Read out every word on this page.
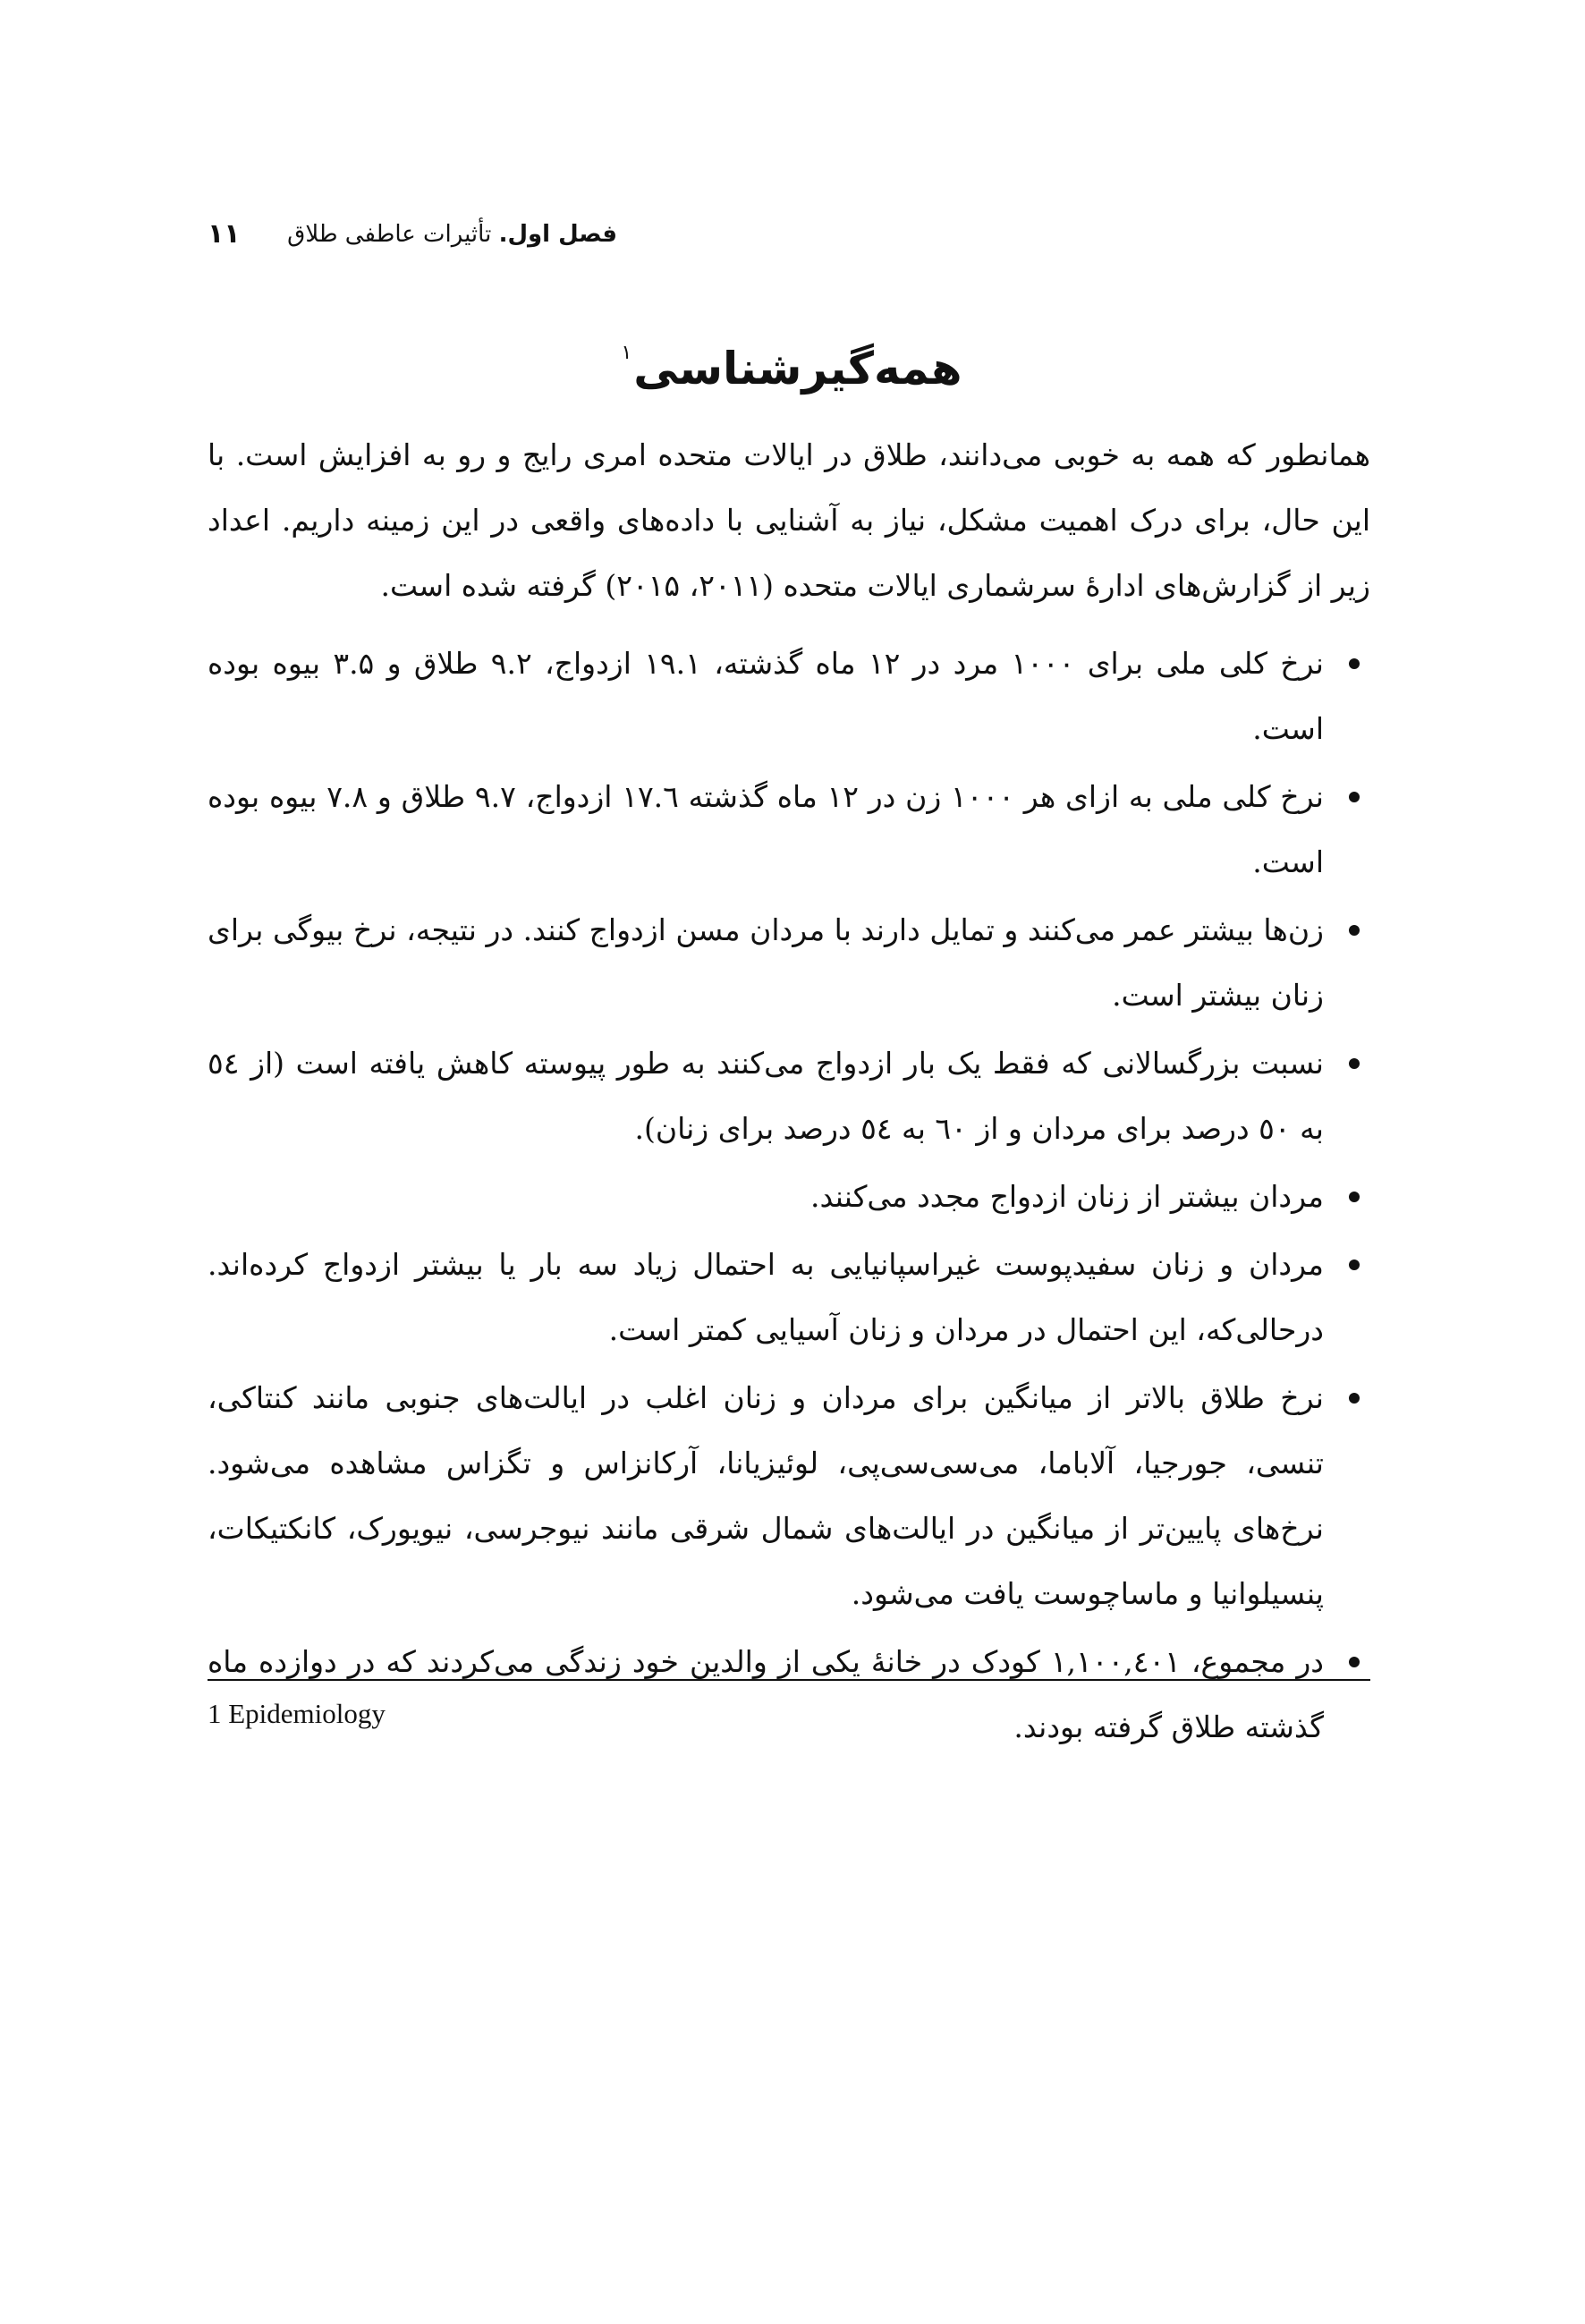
۱۱	فصل اول. تأثیرات عاطفی طلاق
همه‌گیرشناسی$^۱$

همانطور که همه به خوبی می‌دانند، طلاق در ایالات متحده امری رایج و رو به افزایش است. با این حال، برای درک اهمیت مشکل، نیاز به آشنایی با داده‌های واقعی در این زمینه داریم. اعداد زیر از گزارش‌های ادارهٔ سرشماری ایالات متحده (۲۰۱۱، ۲۰۱۵) گرفته شده است.

نرخ کلی ملی برای ۱۰۰۰ مرد در ۱۲ ماه گذشته، ۱۹.۱ ازدواج، ۹.۲ طلاق و ۳.۵ بیوه بوده است.
نرخ کلی ملی به ازای هر ۱۰۰۰ زن در ۱۲ ماه گذشته ۱۷.٦ ازدواج، ۹.۷ طلاق و ۷.۸ بیوه بوده است.
زن‌ها بیشتر عمر می‌کنند و تمایل دارند با مردان مسن ازدواج کنند. در نتیجه، نرخ بیوگی برای زنان بیشتر است.
نسبت بزرگسالانی که فقط یک بار ازدواج می‌کنند به طور پیوسته کاهش یافته است (از ٥٤ به ٥٠ درصد برای مردان و از ٦٠ به ٥٤ درصد برای زنان).
مردان بیشتر از زنان ازدواج مجدد می‌کنند.
مردان و زنان سفیدپوست غیراسپانیایی به احتمال زیاد سه بار یا بیشتر ازدواج کرده‌اند. درحالی‌که، این احتمال در مردان و زنان آسیایی کمتر است.
نرخ طلاق بالاتر از میانگین برای مردان و زنان اغلب در ایالت‌های جنوبی مانند کنتاکی، تنسی، جورجیا، آلاباما، می‌سی‌سی‌پی، لوئیزیانا، آرکانزاس و تگزاس مشاهده می‌شود. نرخ‌های پایین‌تر از میانگین در ایالت‌های شمال شرقی مانند نیوجرسی، نیویورک، کانکتیکات، پنسیلوانیا و ماساچوست یافت می‌شود.
در مجموع، ۱,۱۰۰,٤۰۱ کودک در خانهٔ یکی از والدین خود زندگی می‌کردند که در دوازده ماه گذشته طلاق گرفته بودند.
1 Epidemiology
